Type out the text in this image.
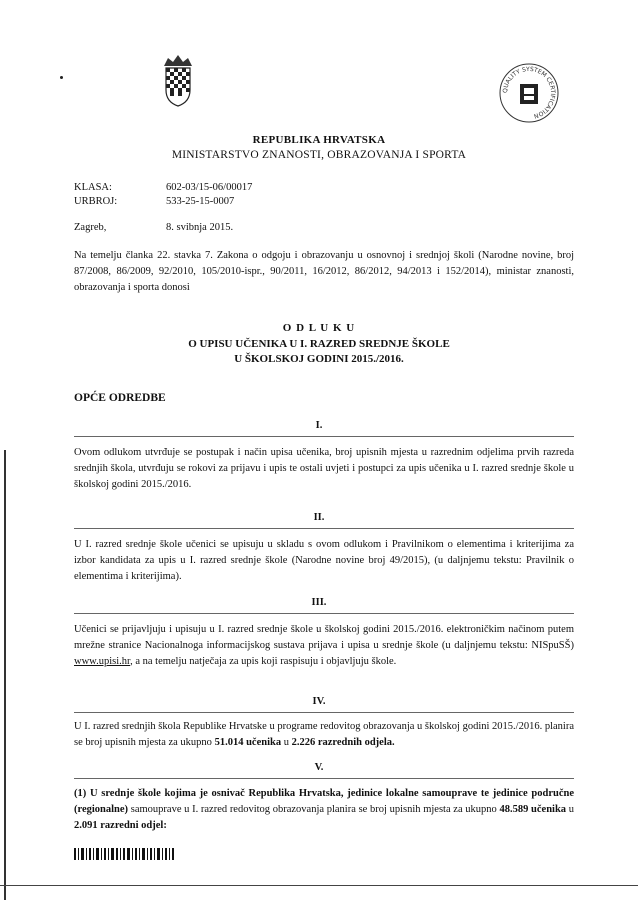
QUALITY SYSTEM CERTIFICATION
REPUBLIKA HRVATSKA
MINISTARSTVO ZNANOSTI, OBRAZOVANJA I SPORTA
KLASA:	602-03/15-06/00017
URBROJ:	533-25-15-0007
Zagreb,	8. svibnja 2015.
Na temelju članka 22. stavka 7. Zakona o odgoju i obrazovanju u osnovnoj i srednjoj školi (Narodne novine, broj 87/2008, 86/2009, 92/2010, 105/2010-ispr., 90/2011, 16/2012, 86/2012, 94/2013 i 152/2014), ministar znanosti, obrazovanja i sporta donosi
O D L U K U
O UPISU UČENIKA U I. RAZRED SREDNJE ŠKOLE
U ŠKOLSKOJ GODINI 2015./2016.
OPĆE ODREDBE
I.
Ovom odlukom utvrđuje se postupak i način upisa učenika, broj upisnih mjesta u razrednim odjelima prvih razreda srednjih škola, utvrđuju se rokovi za prijavu i upis te ostali uvjeti i postupci za upis učenika u I. razred srednje škole u školskoj godini 2015./2016.
II.
U I. razred srednje škole učenici se upisuju u skladu s ovom odlukom i Pravilnikom o elementima i kriterijima za izbor kandidata za upis u I. razred srednje škole (Narodne novine broj 49/2015), (u daljnjemu tekstu: Pravilnik o elementima i kriterijima).
III.
Učenici se prijavljuju i upisuju u I. razred srednje škole u školskoj godini 2015./2016. elektroničkim načinom putem mrežne stranice Nacionalnoga informacijskog sustava prijava i upisa u srednje škole (u daljnjemu tekstu: NISpuSŠ) www.upisi.hr, a na temelju natječaja za upis koji raspisuju i objavljuju škole.
IV.
U I. razred srednjih škola Republike Hrvatske u programe redovitog obrazovanja u školskoj godini 2015./2016. planira se broj upisnih mjesta za ukupno 51.014 učenika u 2.226 razrednih odjela.
V.
(1) U srednje škole kojima je osnivač Republika Hrvatska, jedinice lokalne samouprave te jedinice područne (regionalne) samouprave u I. razred redovitog obrazovanja planira se broj upisnih mjesta za ukupno 48.589 učenika u 2.091 razredni odjel:
